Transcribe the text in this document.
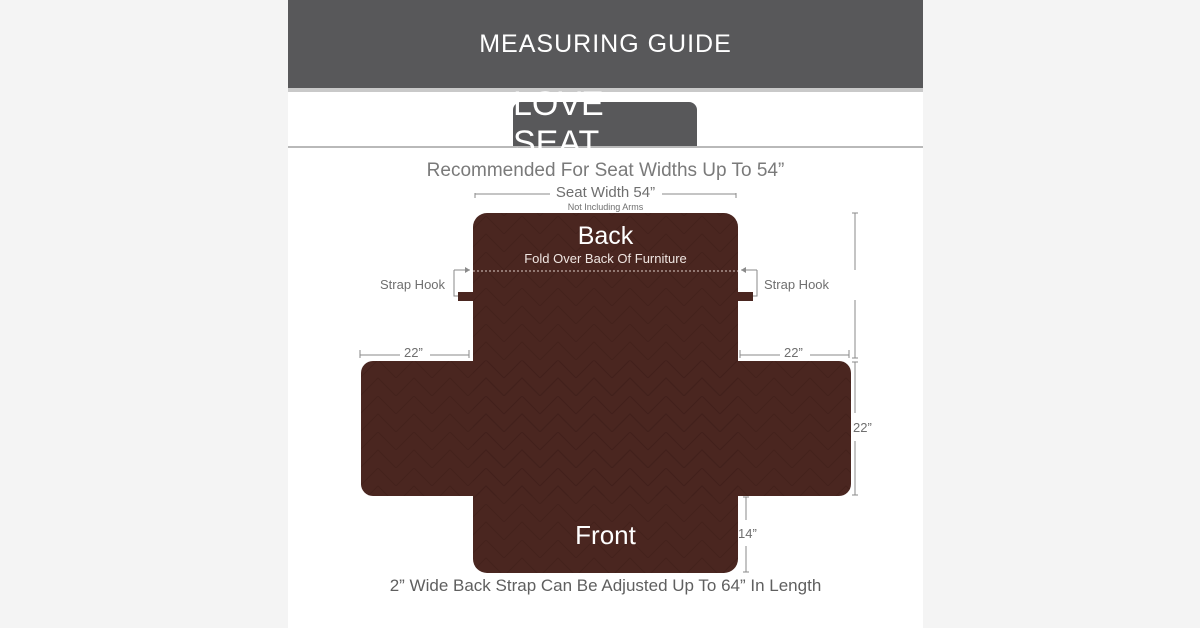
MEASURING GUIDE
LOVE SEAT
Recommended For Seat Widths Up To 54”
Seat Width 54”
Not Including Arms
Back
Fold Over Back Of Furniture
Front
Strap Hook	Strap Hook
22”	22”
22”
14”
2” Wide Back Strap Can Be Adjusted Up To 64” In Length
